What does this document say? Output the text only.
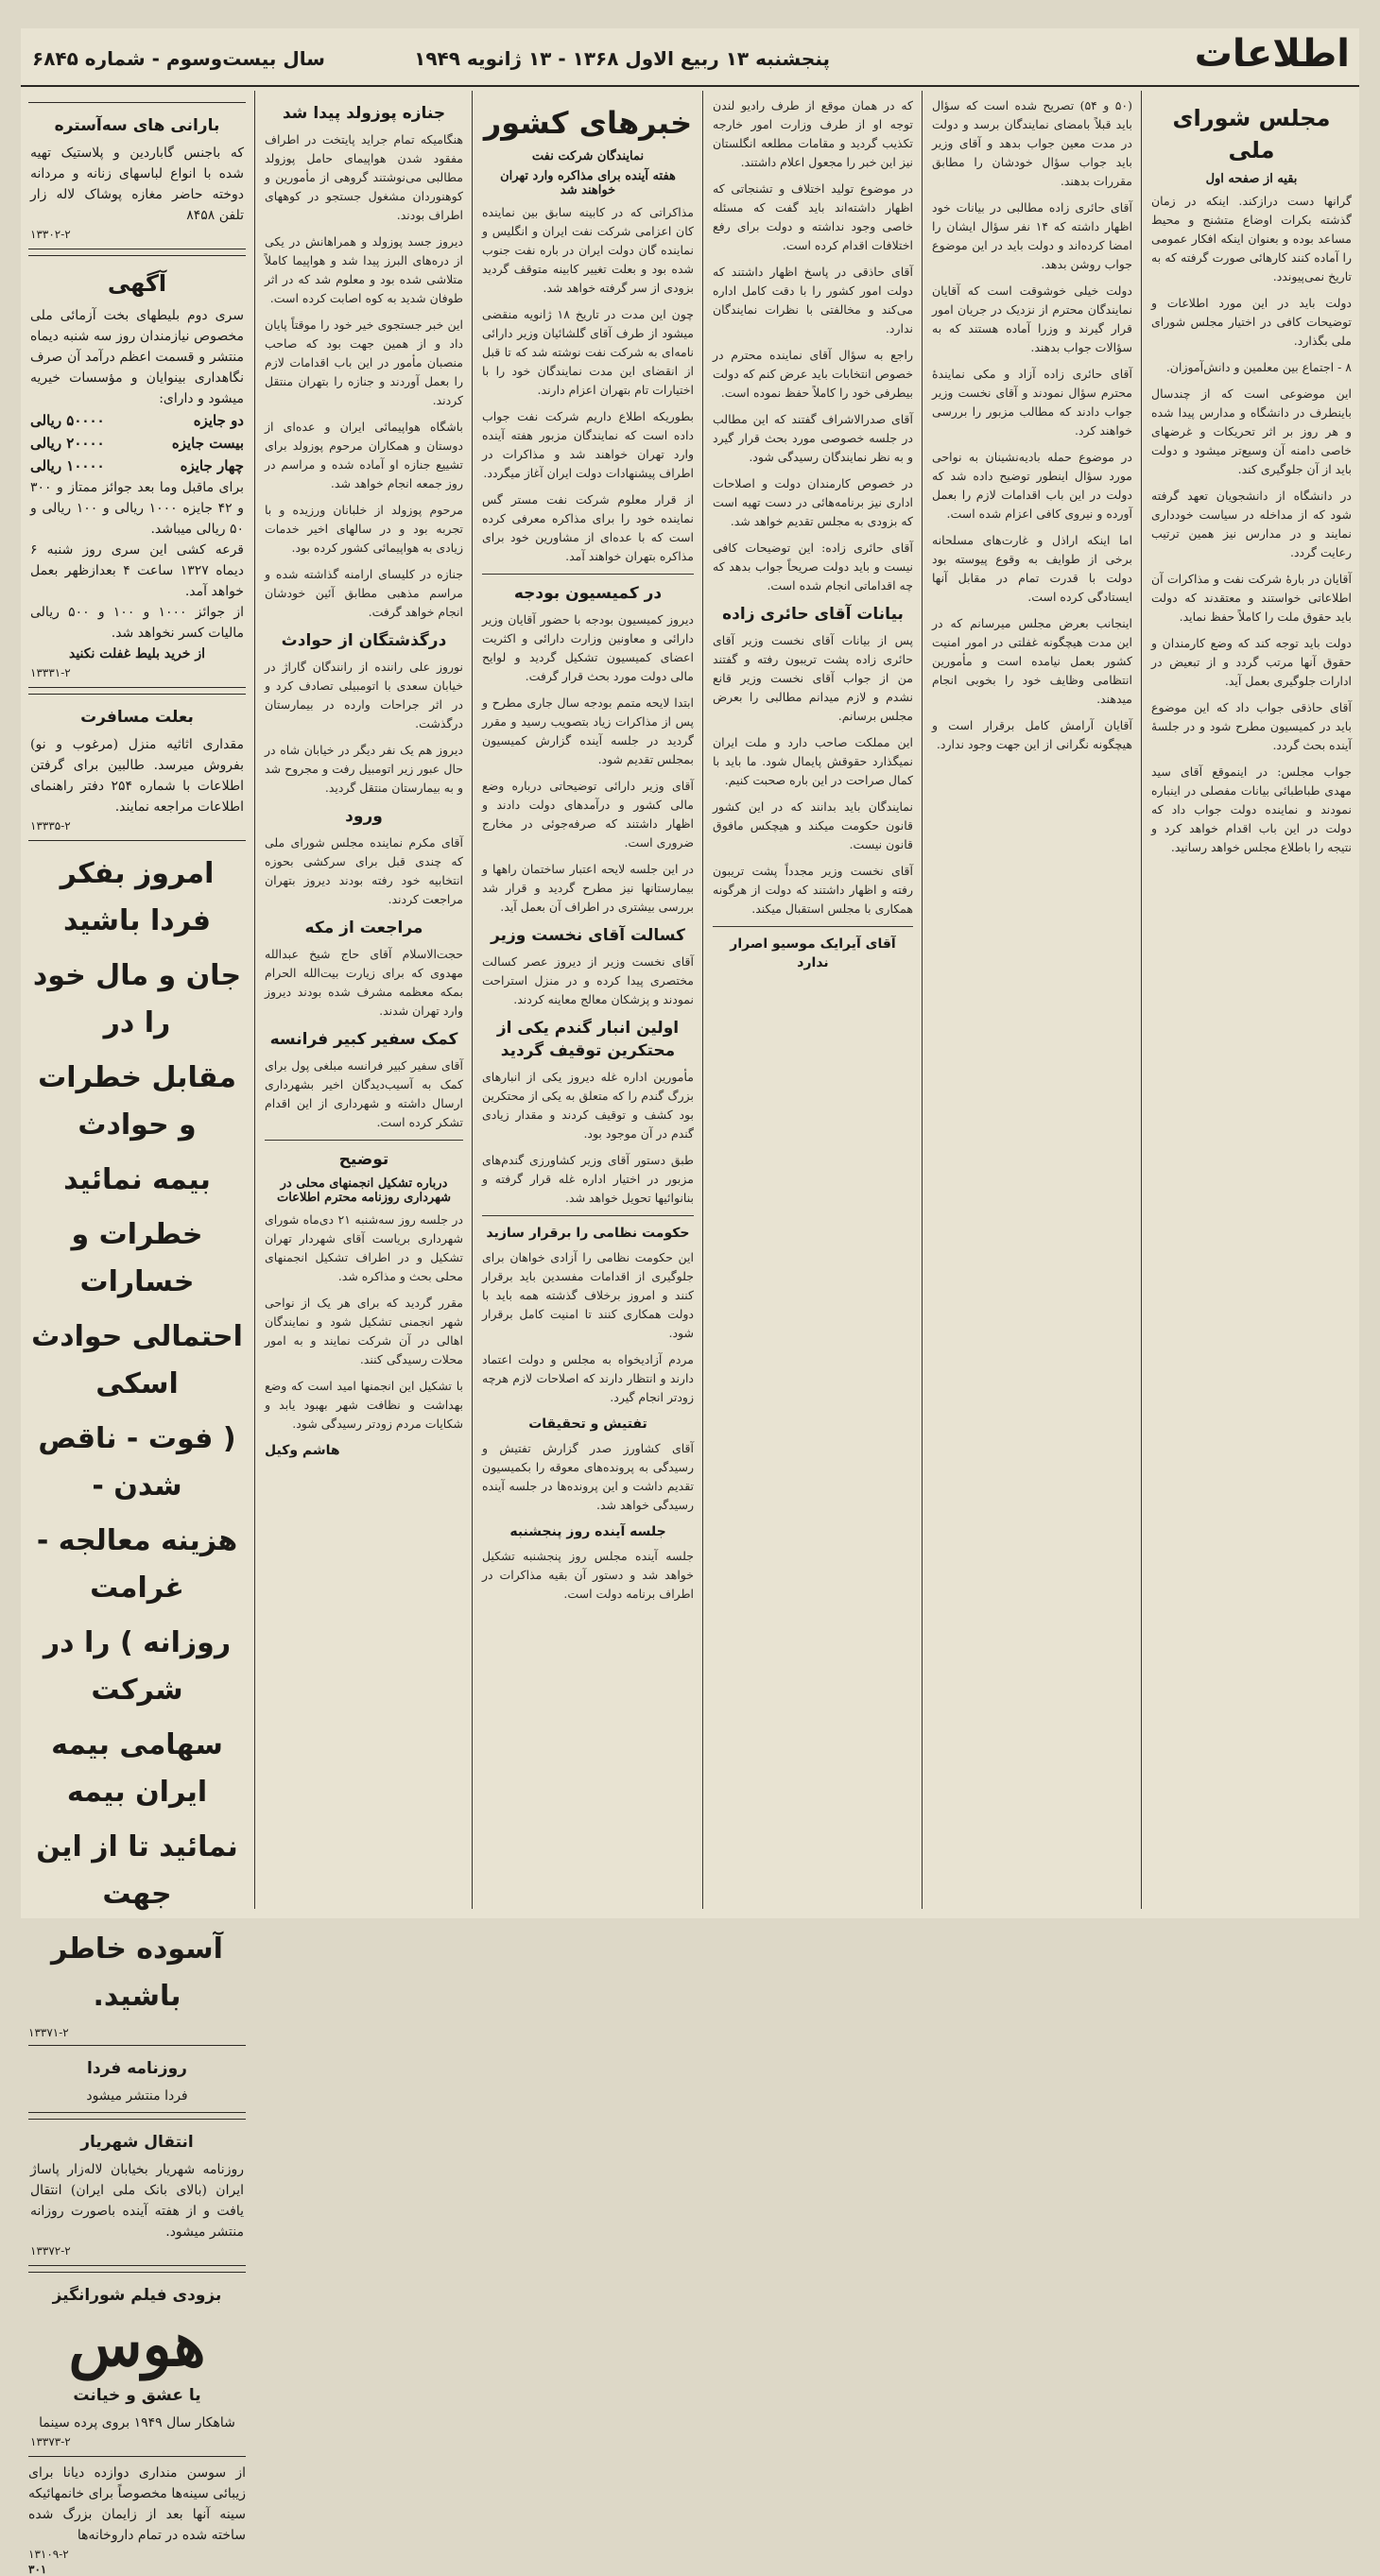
اطلاعات
پنجشنبه ۱۳ ربیع الاول ۱۳۶۸ - ۱۳ ژانویه ۱۹۴۹
سال بیست‌وسوم - شماره ۶۸۴۵
مجلس شورای ملی
بقیه از صفحه اول

گرانها دست درازکند. اینکه در زمان گذشته بکرات اوضاع متشنج و محیط مساعد بوده و بعنوان اینکه افکار عمومی را آماده کنند کارهائی صورت گرفته که به تاریخ نمی‌پیوندد.

دولت باید در این مورد اطلاعات و توضیحات کافی در اختیار مجلس شورای ملی بگذارد.

۸ - اجتماع بین معلمین و دانش‌آموزان.

این موضوعی است که از چندسال باینطرف در دانشگاه و مدارس پیدا شده و هر روز بر اثر تحریکات و غرضهای خاصی دامنه آن وسیع‌تر میشود و دولت باید از آن جلوگیری کند.

در دانشگاه از دانشجویان تعهد گرفته شود که از مداخله در سیاست خودداری نمایند و در مدارس نیز همین ترتیب رعایت گردد.

آقایان در بارهٔ شرکت نفت و مذاکرات آن اطلاعاتی خواستند و معتقدند که دولت باید حقوق ملت را کاملاً حفظ نماید.

دولت باید توجه کند که وضع کارمندان و حقوق آنها مرتب گردد و از تبعیض در ادارات جلوگیری بعمل آید.

آقای حاذقی جواب داد که این موضوع باید در کمیسیون مطرح شود و در جلسهٔ آینده بحث گردد.

جواب مجلس: در اینموقع آقای سید مهدی طباطبائی بیانات مفصلی در اینباره نمودند و نماینده دولت جواب داد که دولت در این باب اقدام خواهد کرد و نتیجه را باطلاع مجلس خواهد رسانید.

(۵۰ و ۵۴) تصریح شده است که سؤال باید قبلاً بامضای نمایندگان برسد و دولت در مدت معین جواب بدهد و آقای وزیر باید جواب سؤال خودشان را مطابق مقررات بدهند.

آقای حائری زاده مطالبی در بیانات خود اظهار داشته که ۱۴ نفر سؤال ایشان را امضا کرده‌اند و دولت باید در این موضوع جواب روشن بدهد.

دولت خیلی خوشوقت است که آقایان نمایندگان محترم از نزدیک در جریان امور قرار گیرند و وزرا آماده هستند که به سؤالات جواب بدهند.

آقای حائری زاده آزاد و مکی نمایندهٔ محترم سؤال نمودند و آقای نخست وزیر جواب دادند که مطالب مزبور را بررسی خواهند کرد.

در موضوع حمله بادیه‌نشینان به نواحی مورد سؤال اینطور توضیح داده شد که دولت در این باب اقدامات لازم را بعمل آورده و نیروی کافی اعزام شده است.

اما اینکه اراذل و غارت‌های مسلحانه برخی از طوایف به وقوع پیوسته بود دولت با قدرت تمام در مقابل آنها ایستادگی کرده است.

اینجانب بعرض مجلس میرسانم که در این مدت هیچگونه غفلتی در امور امنیت کشور بعمل نیامده است و مأمورین انتظامی وظایف خود را بخوبی انجام میدهند.

آقایان آرامش کامل برقرار است و هیچگونه نگرانی از این جهت وجود ندارد.

که در همان موقع از طرف رادیو لندن توجه او از طرف وزارت امور خارجه تکذیب گردید و مقامات مطلعه انگلستان نیز این خبر را مجعول اعلام داشتند.

در موضوع تولید اختلاف و تشنجاتی که اظهار داشته‌اند باید گفت که مسئله خاصی وجود نداشته و دولت برای رفع اختلافات اقدام کرده است.

آقای حاذقی در پاسخ اظهار داشتند که دولت امور کشور را با دقت کامل اداره می‌کند و مخالفتی با نظرات نمایندگان ندارد.

راجع به سؤال آقای نماینده محترم در خصوص انتخابات باید عرض کنم که دولت بیطرفی خود را کاملاً حفظ نموده است.

آقای صدرالاشراف گفتند که این مطالب در جلسه خصوصی مورد بحث قرار گیرد و به نظر نمایندگان رسیدگی شود.

در خصوص کارمندان دولت و اصلاحات اداری نیز برنامه‌هائی در دست تهیه است که بزودی به مجلس تقدیم خواهد شد.

آقای حائری زاده: این توضیحات کافی نیست و باید دولت صریحاً جواب بدهد که چه اقداماتی انجام شده است.

بیانات آقای حائری زاده

پس از بیانات آقای نخست وزیر آقای حائری زاده پشت تریبون رفته و گفتند من از جواب آقای نخست وزیر قانع نشدم و لازم میدانم مطالبی را بعرض مجلس برسانم.

این مملکت صاحب دارد و ملت ایران نمیگذارد حقوقش پایمال شود. ما باید با کمال صراحت در این باره صحبت کنیم.

نمایندگان باید بدانند که در این کشور قانون حکومت میکند و هیچکس مافوق قانون نیست.

آقای نخست وزیر مجدداً پشت تریبون رفته و اظهار داشتند که دولت از هرگونه همکاری با مجلس استقبال میکند.

آقای آیرایک موسیو اصرار ندارد
خبرهای کشور
نمایندگان شرکت نفت
هفته آینده برای مذاکره وارد تهران خواهند شد

مذاکراتی که در کابینه سابق بین نماینده کان اعزامی شرکت نفت ایران و انگلیس و نماینده گان دولت ایران در باره نفت جنوب شده بود و بعلت تغییر کابینه متوقف گردید بزودی از سر گرفته خواهد شد.

چون این مدت در تاریخ ۱۸ ژانویه منقضی میشود از طرف آقای گلشائیان وزیر دارائی نامه‌ای به شرکت نفت نوشته شد که تا قبل از انقضای این مدت نمایندگان خود را با اختیارات تام بتهران اعزام دارند.

بطوریکه اطلاع داریم شرکت نفت جواب داده است که نمایندگان مزبور هفته آینده وارد تهران خواهند شد و مذاکرات در اطراف پیشنهادات دولت ایران آغاز میگردد.

از قرار معلوم شرکت نفت مستر گس نماینده خود را برای مذاکره معرفی کرده است که با عده‌ای از مشاورین خود برای مذاکره بتهران خواهند آمد.

در کمیسیون بودجه

دیروز کمیسیون بودجه با حضور آقایان وزیر دارائی و معاونین وزارت دارائی و اکثریت اعضای کمیسیون تشکیل گردید و لوایح مالی دولت مورد بحث قرار گرفت.

ابتدا لایحه متمم بودجه سال جاری مطرح و پس از مذاکرات زیاد بتصویب رسید و مقرر گردید در جلسه آینده گزارش کمیسیون بمجلس تقدیم شود.

آقای وزیر دارائی توضیحاتی درباره وضع مالی کشور و درآمدهای دولت دادند و اظهار داشتند که صرفه‌جوئی در مخارج ضروری است.

در این جلسه لایحه اعتبار ساختمان راهها و بیمارستانها نیز مطرح گردید و قرار شد بررسی بیشتری در اطراف آن بعمل آید.

کسالت آقای نخست وزیر

آقای نخست وزیر از دیروز عصر کسالت مختصری پیدا کرده و در منزل استراحت نمودند و پزشکان معالج معاینه کردند.

اولین انبار گندم یکی از محتکرین توقیف گردید

مأمورین اداره غله دیروز یکی از انبارهای بزرگ گندم را که متعلق به یکی از محتکرین بود کشف و توقیف کردند و مقدار زیادی گندم در آن موجود بود.

طبق دستور آقای وزیر کشاورزی گندم‌های مزبور در اختیار اداره غله قرار گرفته و بنانوائیها تحویل خواهد شد.

حکومت نظامی را برقرار سازید

این حکومت نظامی را آزادی خواهان برای جلوگیری از اقدامات مفسدین باید برقرار کنند و امروز برخلاف گذشته همه باید با دولت همکاری کنند تا امنیت کامل برقرار شود.

مردم آزادیخواه به مجلس و دولت اعتماد دارند و انتظار دارند که اصلاحات لازم هرچه زودتر انجام گیرد.

تفتیش و تحقیقات

آقای کشاورز صدر گزارش تفتیش و رسیدگی به پرونده‌های معوقه را بکمیسیون تقدیم داشت و این پرونده‌ها در جلسه آینده رسیدگی خواهد شد.

جلسه آینده روز پنجشنبه

جلسه آینده مجلس روز پنجشنبه تشکیل خواهد شد و دستور آن بقیه مذاکرات در اطراف برنامه دولت است.

جنازه پوزولد پیدا شد

هنگامیکه تمام جراید پایتخت در اطراف مفقود شدن هواپیمای حامل پوزولد مطالبی می‌نوشتند گروهی از مأمورین و کوهنوردان مشغول جستجو در کوههای اطراف بودند.

دیروز جسد پوزولد و همراهانش در یکی از دره‌های البرز پیدا شد و هواپیما کاملاً متلاشی شده بود و معلوم شد که در اثر طوفان شدید به کوه اصابت کرده است.

این خبر جستجوی خیر خود را موقتاً پایان داد و از همین جهت بود که صاحب منصبان مأمور در این باب اقدامات لازم را بعمل آوردند و جنازه را بتهران منتقل کردند.

باشگاه هواپیمائی ایران و عده‌ای از دوستان و همکاران مرحوم پوزولد برای تشییع جنازه او آماده شده و مراسم در روز جمعه انجام خواهد شد.

مرحوم پوزولد از خلبانان ورزیده و با تجربه بود و در سالهای اخیر خدمات زیادی به هواپیمائی کشور کرده بود.

جنازه در کلیسای ارامنه گذاشته شده و مراسم مذهبی مطابق آئین خودشان انجام خواهد گرفت.

درگذشتگان از حوادث

نوروز علی راننده از رانندگان گاراژ در خیابان سعدی با اتومبیلی تصادف کرد و در اثر جراحات وارده در بیمارستان درگذشت.

دیروز هم یک نفر دیگر در خیابان شاه در حال عبور زیر اتومبیل رفت و مجروح شد و به بیمارستان منتقل گردید.

ورود

آقای مکرم نماینده مجلس شورای ملی که چندی قبل برای سرکشی بحوزه انتخابیه خود رفته بودند دیروز بتهران مراجعت کردند.

مراجعت از مکه

حجت‌الاسلام آقای حاج شیخ عبدالله مهدوی که برای زیارت بیت‌الله الحرام بمکه معظمه مشرف شده بودند دیروز وارد تهران شدند.

کمک سفیر کبیر فرانسه

آقای سفیر کبیر فرانسه مبلغی پول برای کمک به آسیب‌دیدگان اخیر بشهرداری ارسال داشته و شهرداری از این اقدام تشکر کرده است.

توضیح
درباره تشکیل انجمنهای محلی در شهرداری روزنامه محترم اطلاعات

در جلسه روز سه‌شنبه ۲۱ دی‌ماه شورای شهرداری بریاست آقای شهردار تهران تشکیل و در اطراف تشکیل انجمنهای محلی بحث و مذاکره شد.

مقرر گردید که برای هر یک از نواحی شهر انجمنی تشکیل شود و نمایندگان اهالی در آن شرکت نمایند و به امور محلات رسیدگی کنند.

با تشکیل این انجمنها امید است که وضع بهداشت و نظافت شهر بهبود یابد و شکایات مردم زودتر رسیدگی شود.

هاشم وکیل
بارانی های سه‌آستره
که باجنس گاباردین و پلاستیک تهیه شده با انواع لباسهای زنانه و مردانه دوخته حاضر مغازه پوشاک لاله زار تلفن ۸۴۵۸
۱۳۳۰۲-۲
آگهی
سری دوم بلیطهای بخت آزمائی ملی مخصوص نیازمندان روز سه شنبه دیماه منتشر و قسمت اعظم درآمد آن صرف نگاهداری بینوایان و مؤسسات خیریه میشود و دارای:
دو جایزه
۵۰۰۰۰ ریالی
بیست جایزه
۲۰۰۰۰ ریالی
چهار جایزه
۱۰۰۰۰ ریالی
برای ماقبل وما بعد جوائز ممتاز و ۳۰۰ و ۴۲ جایزه ۱۰۰۰ ریالی و ۱۰۰ ریالی و ۵۰ ریالی میباشد.
قرعه کشی این سری روز شنبه ۶ دیماه ۱۳۲۷ ساعت ۴ بعدازظهر بعمل خواهد آمد.
از جوائز ۱۰۰۰ و ۱۰۰ و ۵۰۰ ریالی مالیات کسر نخواهد شد.
از خرید بلیط غفلت نکنید
۱۳۳۳۱-۲
بعلت مسافرت
مقداری اثاثیه منزل (مرغوب و نو) بفروش میرسد. طالبین برای گرفتن اطلاعات با شماره ۲۵۴ دفتر راهنمای اطلاعات مراجعه نمایند.
۱۳۳۳۵-۲
امروز بفکر فردا باشید
جان و مال خود را در
مقابل خطرات و حوادث
بیمه نمائید
خطرات و خسارات
احتمالی حوادث اسکی
( فوت - ناقص شدن -
هزینه معالجه - غرامت
روزانه ) را در شرکت
سهامی بیمه ایران بیمه
نمائید تا از این جهت
آسوده خاطر باشید.
۱۳۳۷۱-۲
روزنامه فردا
فردا منتشر میشود
انتقال شهریار
روزنامه شهریار بخیابان لاله‌زار پاساژ ایران (بالای بانک ملی ایران) انتقال یافت و از هفته آینده باصورت روزانه منتشر میشود.
۱۳۳۷۲-۲
بزودی فیلم شورانگیز
هوس
یا عشق و خیانت
شاهکار سال ۱۹۴۹ بروی پرده سینما
۱۳۳۷۳-۲
از سوسن منداری دوازده دیانا برای زیبائی سینه‌ها مخصوصاً برای خانمهائیکه سینه آنها بعد از زایمان بزرگ شده ساخته شده در تمام داروخانه‌ها
۱۳۱۰۹-۲
۳۰۱
